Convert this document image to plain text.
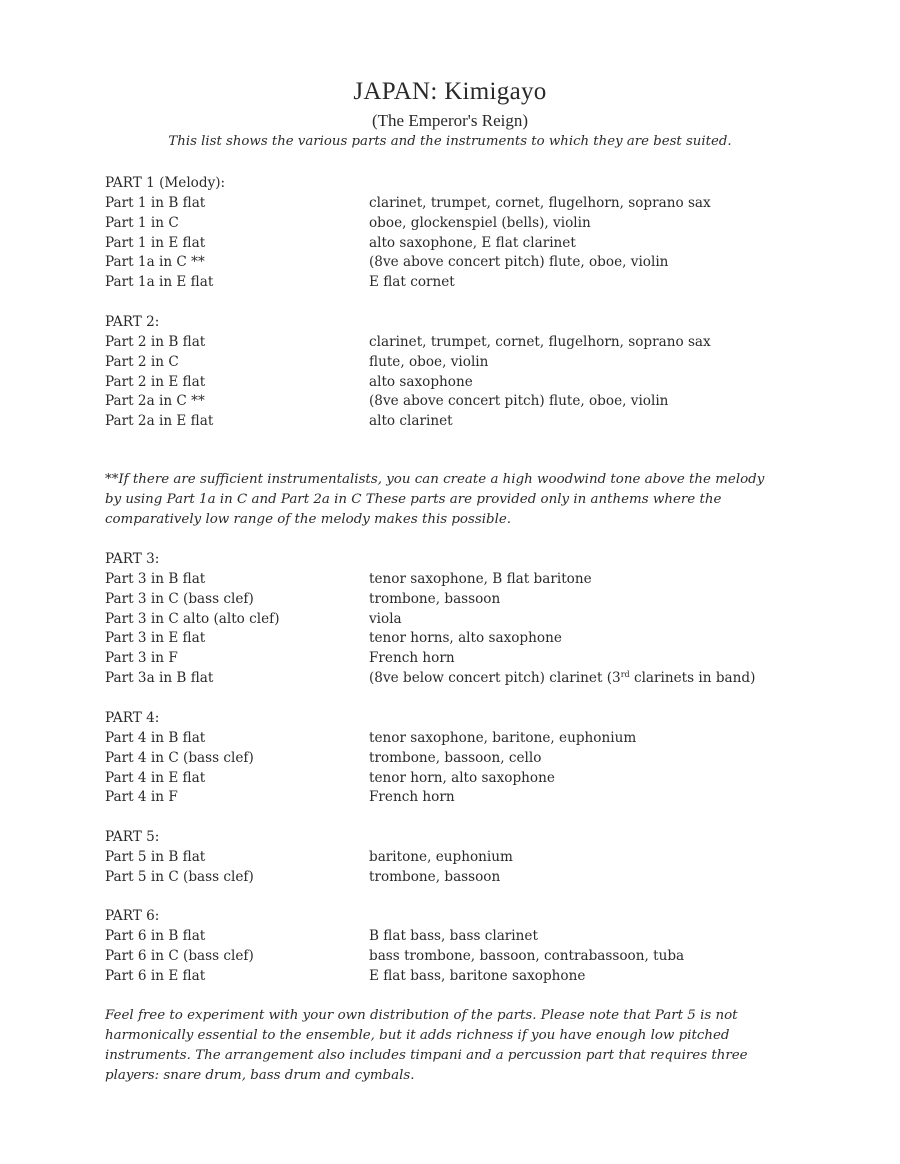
JAPAN: Kimigayo
(The Emperor's Reign)
This list shows the various parts and the instruments to which they are best suited.
PART 1 (Melody):
Part 1 in B flat	clarinet, trumpet, cornet, flugelhorn, soprano sax
Part 1 in C	oboe, glockenspiel (bells), violin
Part 1 in E flat	alto saxophone, E flat clarinet
Part 1a in C **	(8ve above concert pitch) flute, oboe, violin
Part 1a in E flat	E flat cornet
PART 2:
Part 2 in B flat	clarinet, trumpet, cornet, flugelhorn, soprano sax
Part 2 in C	flute, oboe, violin
Part 2 in E flat	alto saxophone
Part 2a in C **	(8ve above concert pitch) flute, oboe, violin
Part 2a in E flat	alto clarinet
**If there are sufficient instrumentalists, you can create a high woodwind tone above the melody
by using Part 1a in C and Part 2a in C These parts are provided only in anthems where the
comparatively low range of the melody makes this possible.
PART 3:
Part 3 in B flat	tenor saxophone, B flat baritone
Part 3 in C (bass clef)	trombone, bassoon
Part 3 in C alto (alto clef)	viola
Part 3 in E flat	tenor horns, alto saxophone
Part 3 in F	French horn
Part 3a in B flat	(8ve below concert pitch) clarinet (3rd clarinets in band)
PART 4:
Part 4 in B flat	tenor saxophone, baritone, euphonium
Part 4 in C (bass clef)	trombone, bassoon, cello
Part 4 in E flat	tenor horn, alto saxophone
Part 4 in F	French horn
PART 5:
Part 5 in B flat	baritone, euphonium
Part 5 in C (bass clef)	trombone, bassoon
PART 6:
Part 6 in B flat	B flat bass, bass clarinet
Part 6 in C (bass clef)	bass trombone, bassoon, contrabassoon, tuba
Part 6 in E flat	E flat bass, baritone saxophone
Feel free to experiment with your own distribution of the parts. Please note that Part 5 is not
harmonically essential to the ensemble, but it adds richness if you have enough low pitched
instruments. The arrangement also includes timpani and a percussion part that requires three
players: snare drum, bass drum and cymbals.
